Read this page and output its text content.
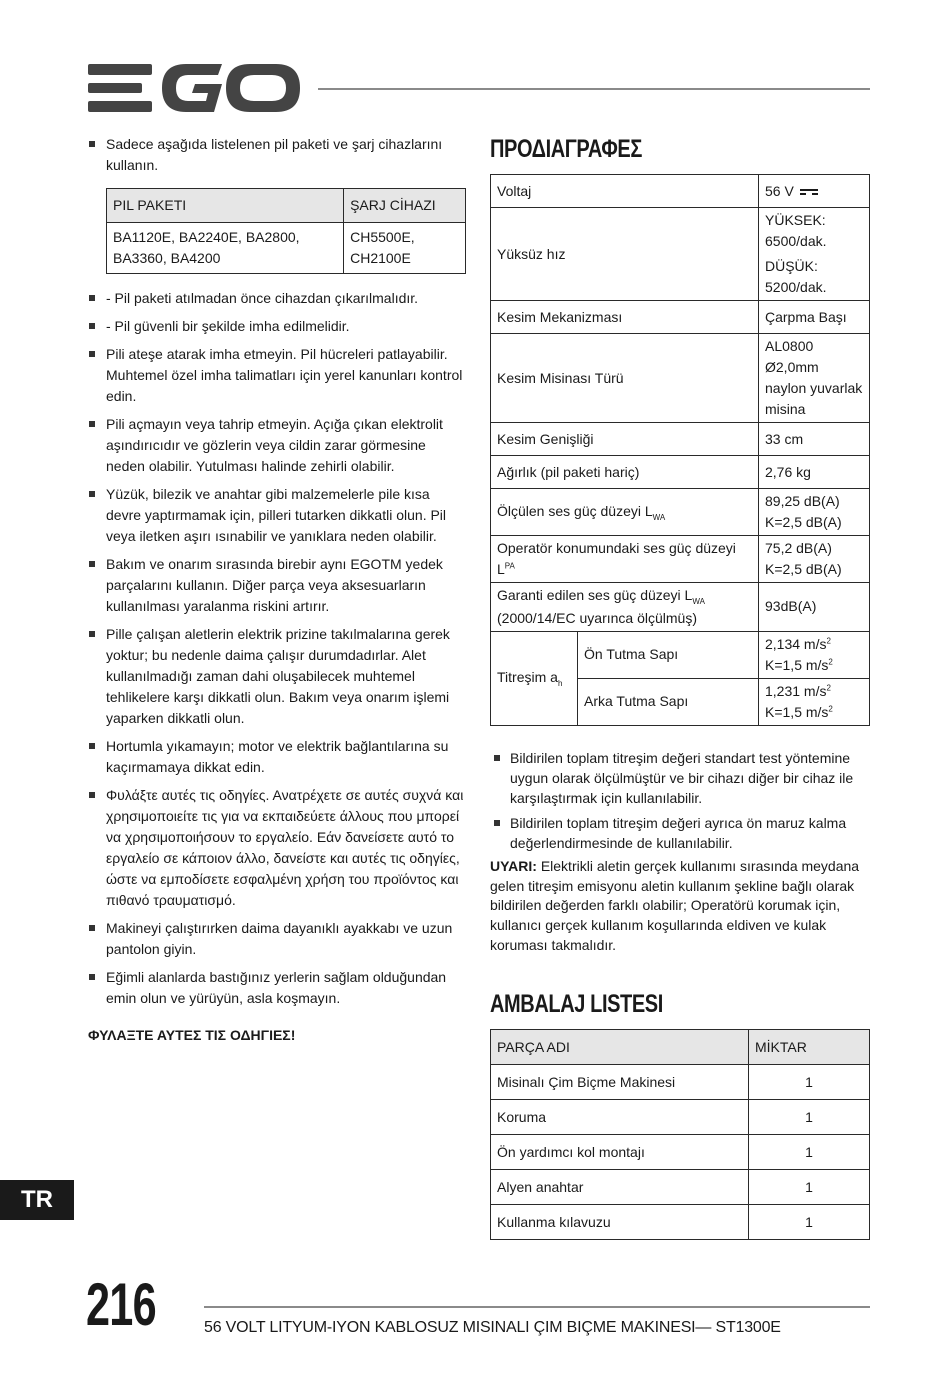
Sadece aşağıda listelenen pil paketi ve şarj cihazlarını kullanın.
PIL PAKETI	ŞARJ CİHAZI
BA1120E, BA2240E, BA2800, BA3360, BA4200	CH5500E, CH2100E
- Pil paketi atılmadan önce cihazdan çıkarılmalıdır.
- Pil güvenli bir şekilde imha edilmelidir.
Pili ateşe atarak imha etmeyin. Pil hücreleri patlayabilir. Muhtemel özel imha talimatları için yerel kanunları kontrol edin.
Pili açmayın veya tahrip etmeyin. Açığa çıkan elektrolit aşındırıcıdır ve gözlerin veya cildin zarar görmesine neden olabilir. Yutulması halinde zehirli olabilir.
Yüzük, bilezik ve anahtar gibi malzemelerle pile kısa devre yaptırmamak için, pilleri tutarken dikkatli olun. Pil veya iletken aşırı ısınabilir ve yanıklara neden olabilir.
Bakım ve onarım sırasında birebir aynı EGOTM yedek parçalarını kullanın. Diğer parça veya aksesuarların kullanılması yaralanma riskini artırır.
Pille çalışan aletlerin elektrik prizine takılmalarına gerek yoktur; bu nedenle daima çalışır durumdadırlar. Alet kullanılmadığı zaman dahi oluşabilecek muhtemel tehlikelere karşı dikkatli olun. Bakım veya onarım işlemi yaparken dikkatli olun.
Hortumla yıkamayın; motor ve elektrik bağlantılarına su kaçırmamaya dikkat edin.
Φυλάξτε αυτές τις οδηγίες. Ανατρέχετε σε αυτές συχνά και χρησιμοποιείτε τις για να εκπαιδεύετε άλλους που μπορεί να χρησιμοποιήσουν το εργαλείο. Εάν δανείσετε αυτό το εργαλείο σε κάποιον άλλο, δανείστε και αυτές τις οδηγίες, ώστε να εμποδίσετε εσφαλμένη χρήση του προϊόντος και πιθανό τραυματισμό.
Makineyi çalıştırırken daima dayanıklı ayakkabı ve uzun pantolon giyin.
Eğimli alanlarda bastığınız yerlerin sağlam olduğundan emin olun ve yürüyün, asla koşmayın.
ΦΥΛΑΞΤΕ ΑΥΤΕΣ ΤΙΣ ΟΔΗΓΙΕΣ!
ΠΡΟΔΙΑΓΡΑΦΕΣ
Voltaj		56 V
Yüksüz hız		YÜKSEK: 6500/dak.
DÜŞÜK: 5200/dak.

Kesim Mekanizması		Çarpma Başı
Kesim Misinası Türü		AL0800 Ø2,0mm naylon yuvarlak misina
Kesim Genişliği		33 cm
Ağırlık (pil paketi hariç)		2,76 kg
Ölçülen ses güç düzeyi $L_{WA}$		89,25 dB(A)
K=2,5 dB(A)

Operatör konumundaki ses güç düzeyi $L^{PA}$		75,2 dB(A)
K=2,5 dB(A)

Garanti edilen ses güç düzeyi $L_{WA}$
(2000/14/EC uyarınca ölçülmüş)		93dB(A)
Titreşim $a_h$	Ön Tutma Sapı	2,134 $m/s^2$
K=1,5 $m/s^2$

	Arka Tutma Sapı	1,231 $m/s^2$
K=1,5 $m/s^2$
Bildirilen toplam titreşim değeri standart test yöntemine uygun olarak ölçülmüştür ve bir cihazı diğer bir cihaz ile karşılaştırmak için kullanılabilir.
Bildirilen toplam titreşim değeri ayrıca ön maruz kalma değerlendirmesinde de kullanılabilir.
UYARI: Elektrikli aletin gerçek kullanımı sırasında meydana gelen titreşim emisyonu aletin kullanım şekline bağlı olarak bildirilen değerden farklı olabilir; Operatörü korumak için, kullanıcı gerçek kullanım koşullarında eldiven ve kulak koruması takmalıdır.
AMBALAJ LISTESI
PARÇA ADI	MİKTAR
Misinalı Çim Biçme Makinesi	1
Koruma	1
Ön yardımcı kol montajı	1
Alyen anahtar	1
Kullanma kılavuzu	1
TR
216	56 VOLT LITYUM-IYON KABLOSUZ MISINALI ÇIM BIÇME MAKINESI— ST1300E
